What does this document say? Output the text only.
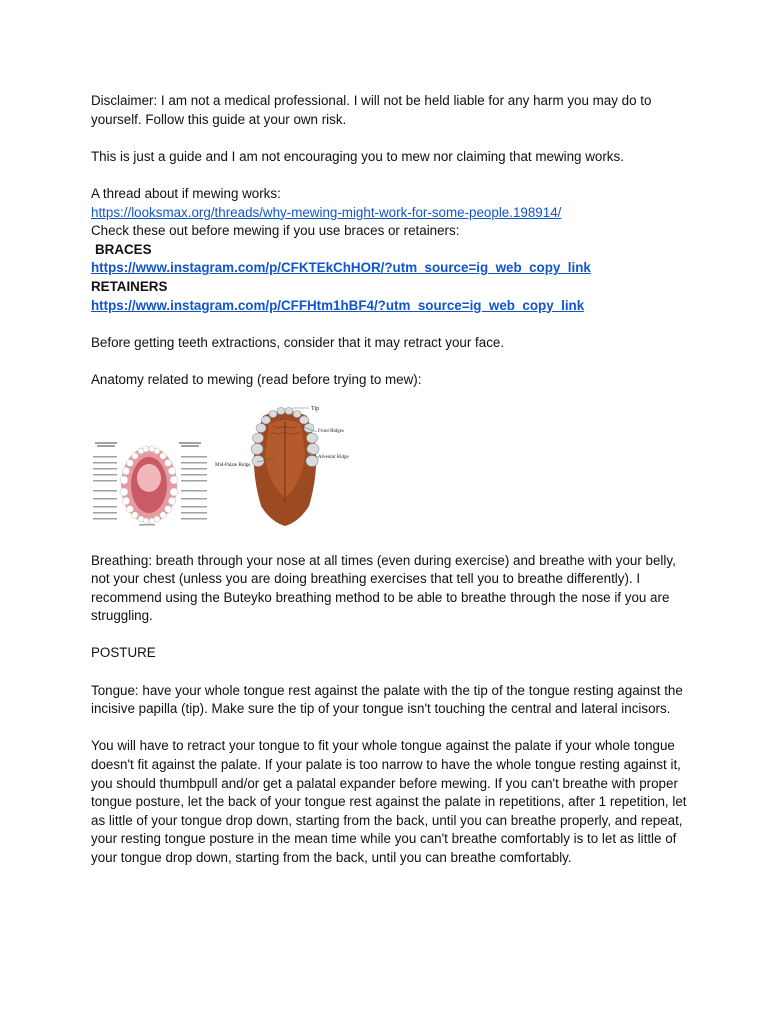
Disclaimer: I am not a medical professional. I will not be held liable for any harm you may do to yourself. Follow this guide at your own risk.

This is just a guide and I am not encouraging you to mew nor claiming that mewing works.

A thread about if mewing works:

https://looksmax.org/threads/why-mewing-might-work-for-some-people.198914/

Check these out before mewing if you use braces or retainers:

BRACES

https://www.instagram.com/p/CFKTEkChHOR/?utm_source=ig_web_copy_link

RETAINERS

https://www.instagram.com/p/CFFHtm1hBF4/?utm_source=ig_web_copy_link

Before getting teeth extractions, consider that it may retract your face.

Anatomy related to mewing (read before trying to mew):

Tip
Front Ridges
Alveolar Ridge
Mid-Palate Ridge

Breathing: breath through your nose at all times (even during exercise) and breathe with your belly, not your chest (unless you are doing breathing exercises that tell you to breathe differently). I recommend using the Buteyko breathing method to be able to breathe through the nose if you are struggling.

POSTURE

Tongue: have your whole tongue rest against the palate with the tip of the tongue resting against the incisive papilla (tip). Make sure the tip of your tongue isn't touching the central and lateral incisors.

You will have to retract your tongue to fit your whole tongue against the palate if your whole tongue doesn't fit against the palate. If your palate is too narrow to have the whole tongue resting against it, you should thumbpull and/or get a palatal expander before mewing. If you can't breathe with proper tongue posture, let the back of your tongue rest against the palate in repetitions, after 1 repetition, let as little of your tongue drop down, starting from the back, until you can breathe properly, and repeat, your resting tongue posture in the mean time while you can't breathe comfortably is to let as little of your tongue drop down, starting from the back, until you can breathe comfortably.
